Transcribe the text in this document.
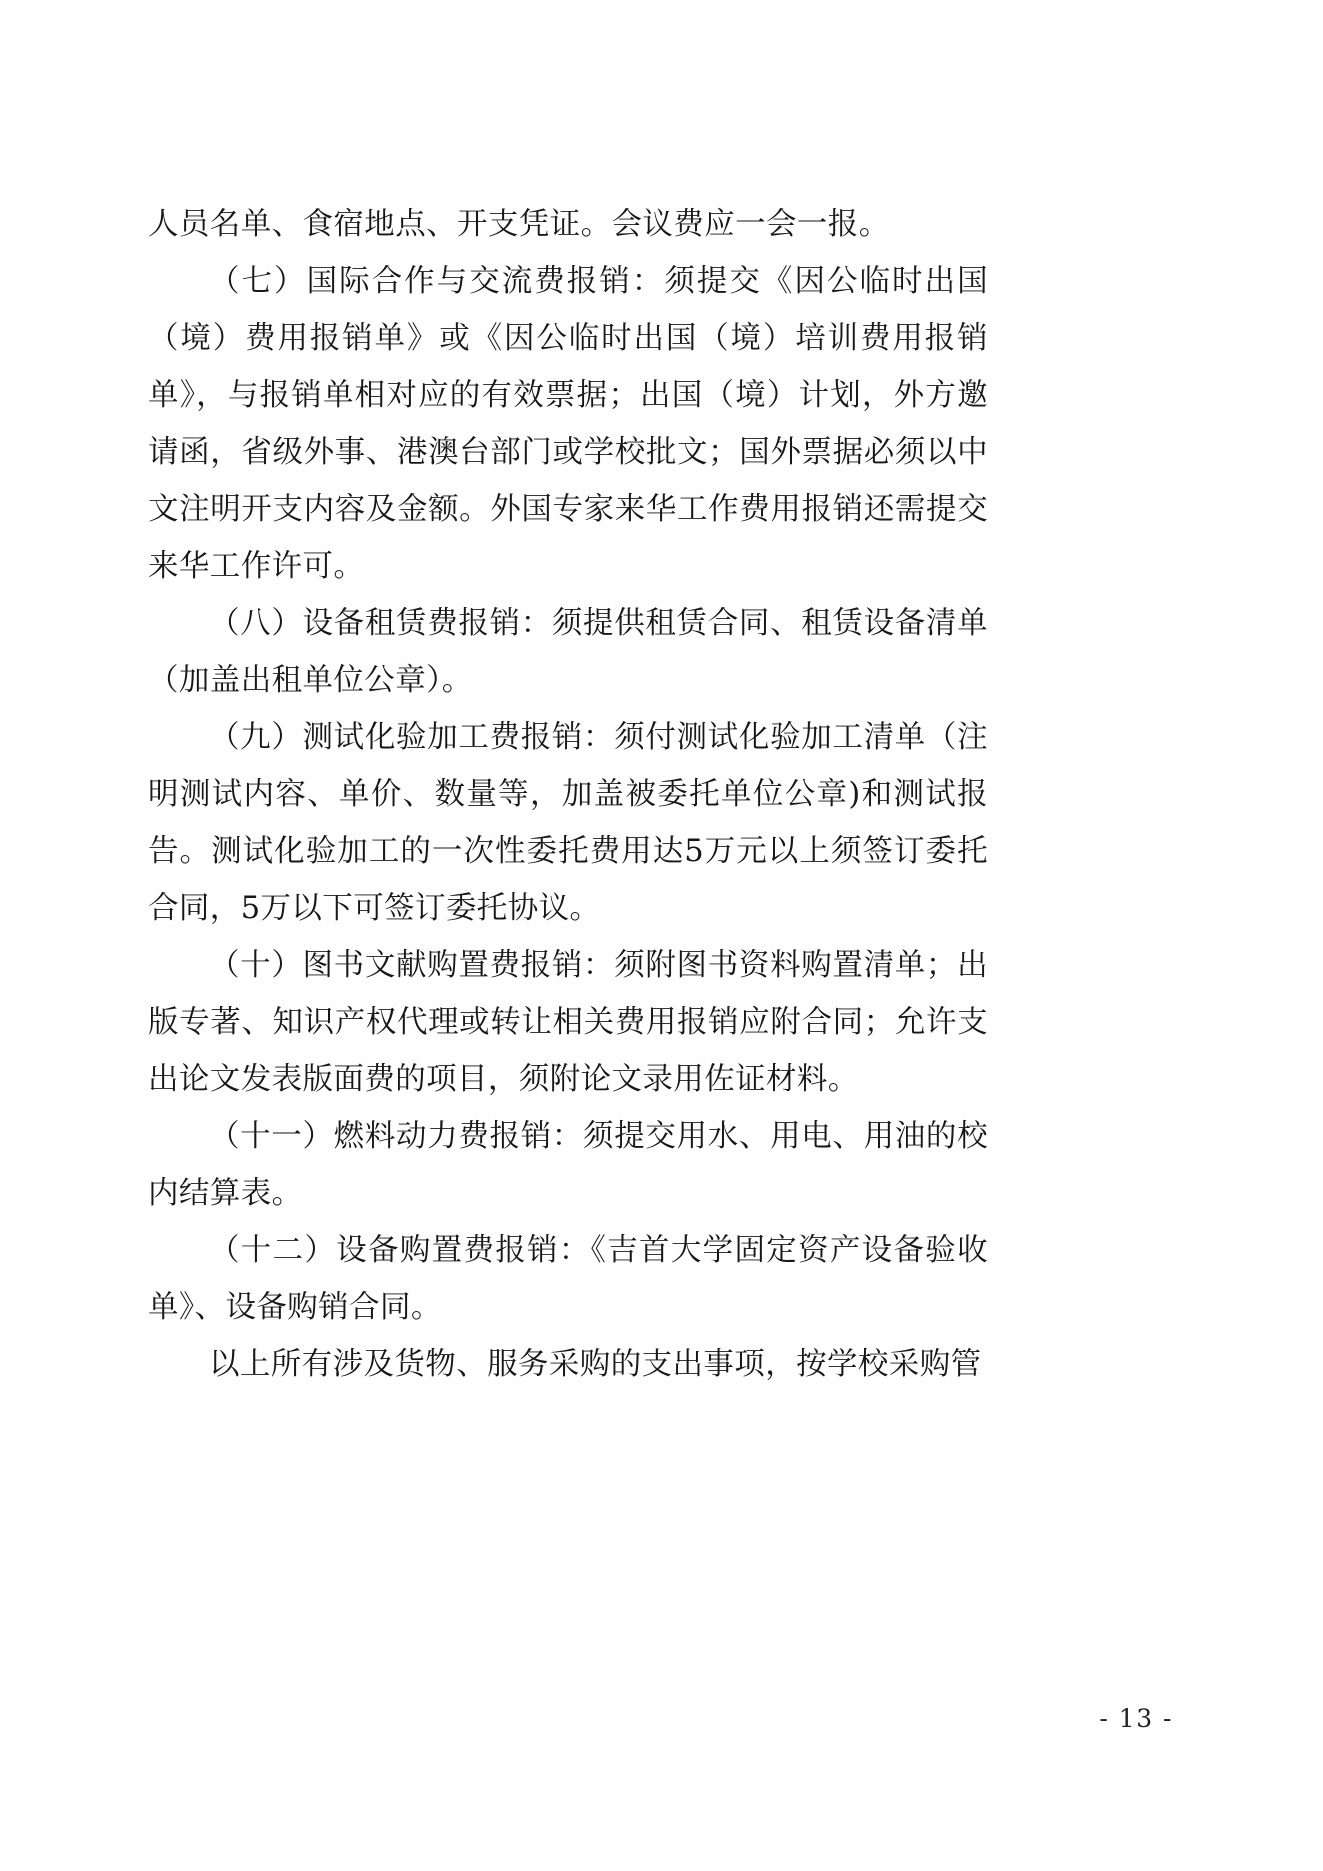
人员名单、食宿地点、开支凭证。会议费应一会一报。

（七）国际合作与交流费报销：须提交《因公临时出国（境）费用报销单》或《因公临时出国（境）培训费用报销单》，与报销单相对应的有效票据；出国（境）计划，外方邀请函，省级外事、港澳台部门或学校批文；国外票据必须以中文注明开支内容及金额。外国专家来华工作费用报销还需提交来华工作许可。

（八）设备租赁费报销：须提供租赁合同、租赁设备清单（加盖出租单位公章）。

（九）测试化验加工费报销：须付测试化验加工清单（注明测试内容、单价、数量等，加盖被委托单位公章)和测试报告。测试化验加工的一次性委托费用达5万元以上须签订委托合同，5万以下可签订委托协议。

（十）图书文献购置费报销：须附图书资料购置清单；出版专著、知识产权代理或转让相关费用报销应附合同；允许支出论文发表版面费的项目，须附论文录用佐证材料。

（十一）燃料动力费报销：须提交用水、用电、用油的校内结算表。

（十二）设备购置费报销：《吉首大学固定资产设备验收单》、设备购销合同。

以上所有涉及货物、服务采购的支出事项，按学校采购管

- 13 -
